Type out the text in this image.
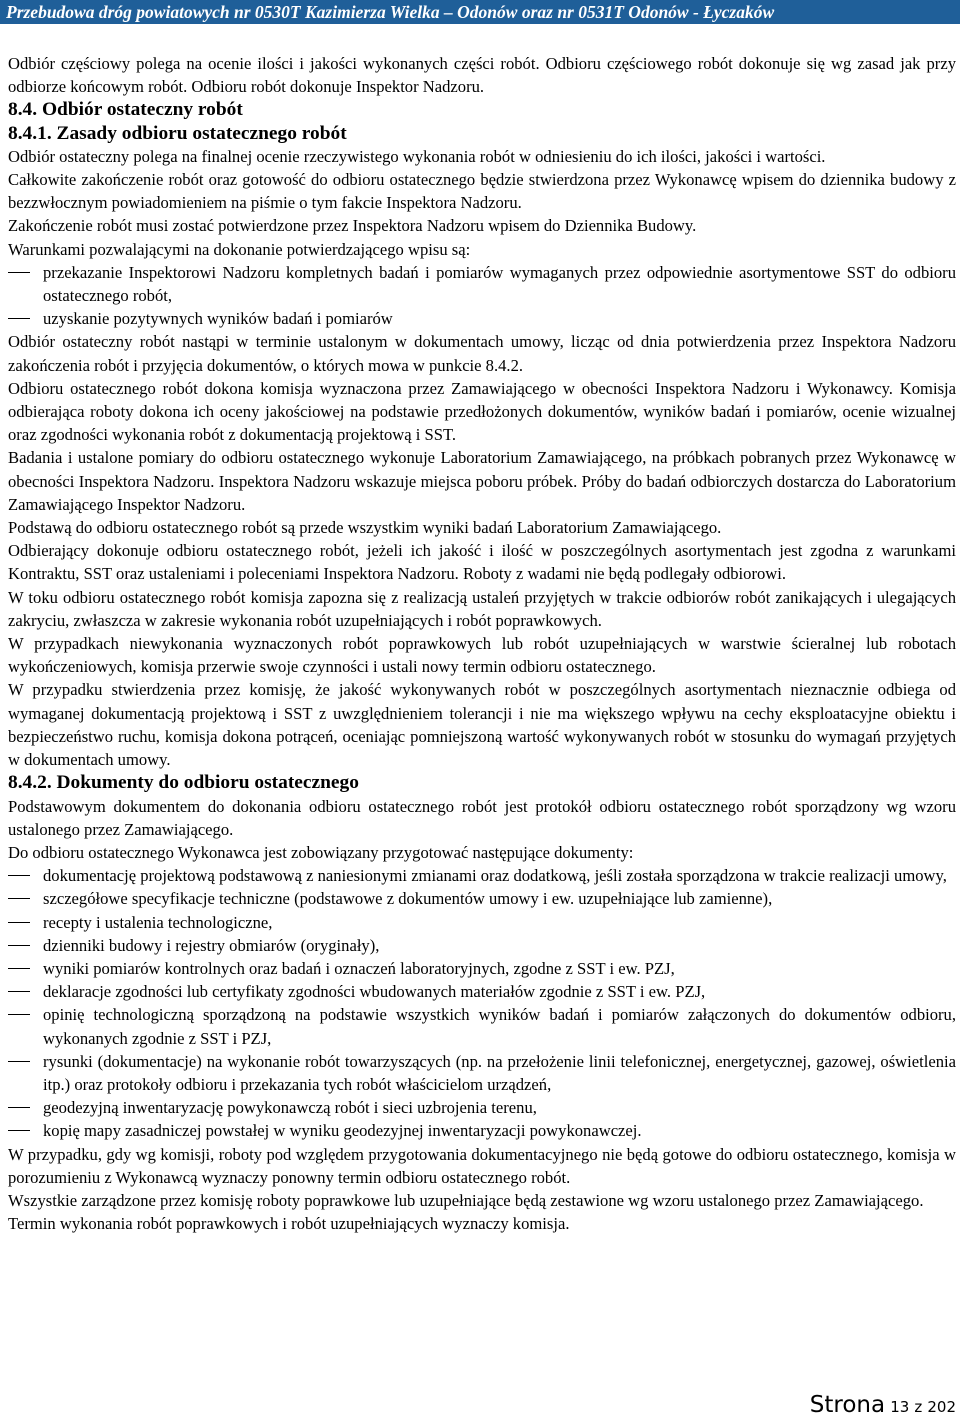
Przebudowa dróg powiatowych nr 0530T Kazimierza Wielka – Odonów oraz nr 0531T Odonów - Łyczaków

Odbiór częściowy polega na ocenie ilości i jakości wykonanych części robót. Odbioru częściowego robót dokonuje się wg zasad jak przy odbiorze końcowym robót. Odbioru robót dokonuje Inspektor Nadzoru.

8.4. Odbiór ostateczny robót
8.4.1. Zasady odbioru ostatecznego robót

Odbiór ostateczny polega na finalnej ocenie rzeczywistego wykonania robót w odniesieniu do ich ilości, jakości i wartości.

Całkowite zakończenie robót oraz gotowość do odbioru ostatecznego będzie stwierdzona przez Wykonawcę wpisem do dziennika budowy z bezzwłocznym powiadomieniem na piśmie o tym fakcie Inspektora Nadzoru.

Zakończenie robót musi zostać potwierdzone przez Inspektora Nadzoru wpisem do Dziennika Budowy.

Warunkami pozwalającymi na dokonanie potwierdzającego wpisu są:

przekazanie Inspektorowi Nadzoru kompletnych badań i pomiarów wymaganych przez odpowiednie asortymentowe SST do odbioru ostatecznego robót,
uzyskanie pozytywnych wyników badań i pomiarów

Odbiór ostateczny robót nastąpi w terminie ustalonym w dokumentach umowy, licząc od dnia potwierdzenia przez Inspektora Nadzoru zakończenia robót i przyjęcia dokumentów, o których mowa w punkcie 8.4.2.

Odbioru ostatecznego robót dokona komisja wyznaczona przez Zamawiającego w obecności Inspektora Nadzoru i Wykonawcy. Komisja odbierająca roboty dokona ich oceny jakościowej na podstawie przedłożonych dokumentów, wyników badań i pomiarów, ocenie wizualnej oraz zgodności wykonania robót z dokumentacją projektową i SST.

Badania i ustalone pomiary do odbioru ostatecznego wykonuje Laboratorium Zamawiającego, na próbkach pobranych przez Wykonawcę w obecności Inspektora Nadzoru. Inspektora Nadzoru wskazuje miejsca poboru próbek. Próby do badań odbiorczych dostarcza do Laboratorium Zamawiającego Inspektor Nadzoru.

Podstawą do odbioru ostatecznego robót są przede wszystkim wyniki badań Laboratorium Zamawiającego.

Odbierający dokonuje odbioru ostatecznego robót, jeżeli ich jakość i ilość w poszczególnych asortymentach jest zgodna z warunkami Kontraktu, SST oraz ustaleniami i poleceniami Inspektora Nadzoru. Roboty z wadami nie będą podlegały odbiorowi.

W toku odbioru ostatecznego robót komisja zapozna się z realizacją ustaleń przyjętych w trakcie odbiorów robót zanikających i ulegających zakryciu, zwłaszcza w zakresie wykonania robót uzupełniających i robót poprawkowych.

W przypadkach niewykonania wyznaczonych robót poprawkowych lub robót uzupełniających w warstwie ścieralnej lub robotach wykończeniowych, komisja przerwie swoje czynności i ustali nowy termin odbioru ostatecznego.

W przypadku stwierdzenia przez komisję, że jakość wykonywanych robót w poszczególnych asortymentach nieznacznie odbiega od wymaganej dokumentacją projektową i SST z uwzględnieniem tolerancji i nie ma większego wpływu na cechy eksploatacyjne obiektu i bezpieczeństwo ruchu, komisja dokona potrąceń, oceniając pomniejszoną wartość wykonywanych robót w stosunku do wymagań przyjętych w dokumentach umowy.

8.4.2. Dokumenty do odbioru ostatecznego

Podstawowym dokumentem do dokonania odbioru ostatecznego robót jest protokół odbioru ostatecznego robót sporządzony wg wzoru ustalonego przez Zamawiającego.

Do odbioru ostatecznego Wykonawca jest zobowiązany przygotować następujące dokumenty:

dokumentację projektową podstawową z naniesionymi zmianami oraz dodatkową, jeśli została sporządzona w trakcie realizacji umowy,
szczegółowe specyfikacje techniczne (podstawowe z dokumentów umowy i ew. uzupełniające lub zamienne),
recepty i ustalenia technologiczne,
dzienniki budowy i rejestry obmiarów (oryginały),
wyniki pomiarów kontrolnych oraz badań i oznaczeń laboratoryjnych, zgodne z SST i ew. PZJ,
deklaracje zgodności lub certyfikaty zgodności wbudowanych materiałów zgodnie z SST i ew. PZJ,
opinię technologiczną sporządzoną na podstawie wszystkich wyników badań i pomiarów załączonych do dokumentów odbioru, wykonanych zgodnie z SST i PZJ,
rysunki (dokumentacje) na wykonanie robót towarzyszących (np. na przełożenie linii telefonicznej, energetycznej, gazowej, oświetlenia itp.) oraz protokoły odbioru i przekazania tych robót właścicielom urządzeń,
geodezyjną inwentaryzację powykonawczą robót i sieci uzbrojenia terenu,
kopię mapy zasadniczej powstałej w wyniku geodezyjnej inwentaryzacji powykonawczej.

W przypadku, gdy wg komisji, roboty pod względem przygotowania dokumentacyjnego nie będą gotowe do odbioru ostatecznego, komisja w porozumieniu z Wykonawcą wyznaczy ponowny termin odbioru ostatecznego robót.

Wszystkie zarządzone przez komisję roboty poprawkowe lub uzupełniające będą zestawione wg wzoru ustalonego przez Zamawiającego.

Termin wykonania robót poprawkowych i robót uzupełniających wyznaczy komisja.

Strona 13 z 202
